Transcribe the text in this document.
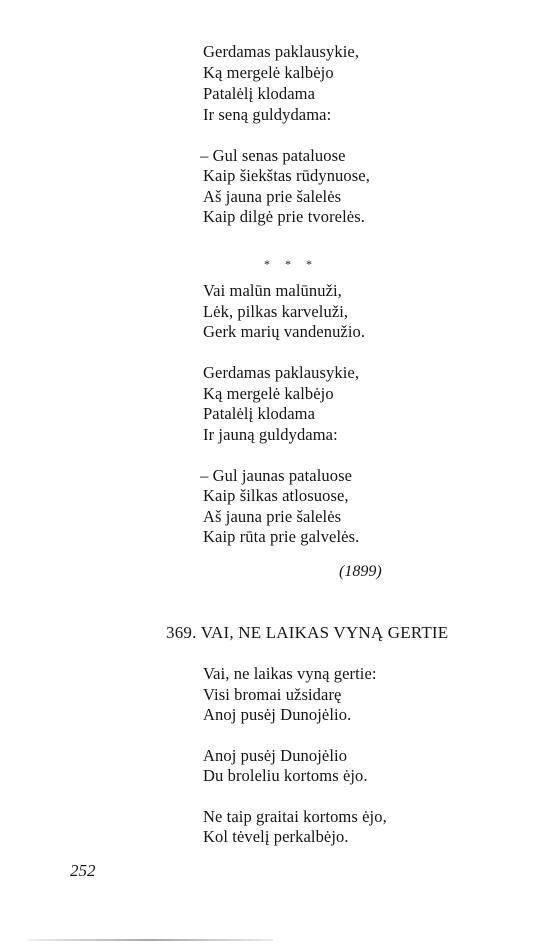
Gerdamas paklausykie,
Ką mergelė kalbėjo
Patalėlį klodama
Ir seną guldydama:
– Gul senas pataluose
Kaip šiekštas rūdynuose,
Aš jauna prie šalelės
Kaip dilgė prie tvorelės.
* * *
Vai malūn malūnuži,
Lėk, pilkas karveluži,
Gerk marių vandenužio.
Gerdamas paklausykie,
Ką mergelė kalbėjo
Patalėlį klodama
Ir jauną guldydama:
– Gul jaunas pataluose
Kaip šilkas atlosuose,
Aš jauna prie šalelės
Kaip rūta prie galvelės.
(1899)
369. VAI, NE LAIKAS VYNĄ GERTIE
Vai, ne laikas vyną gertie:
Visi bromai užsidarę
Anoj pusėj Dunojėlio.
Anoj pusėj Dunojėlio
Du broleliu kortoms ėjo.
Ne taip graitai kortoms ėjo,
Kol tėvelį perkalbėjo.
252
